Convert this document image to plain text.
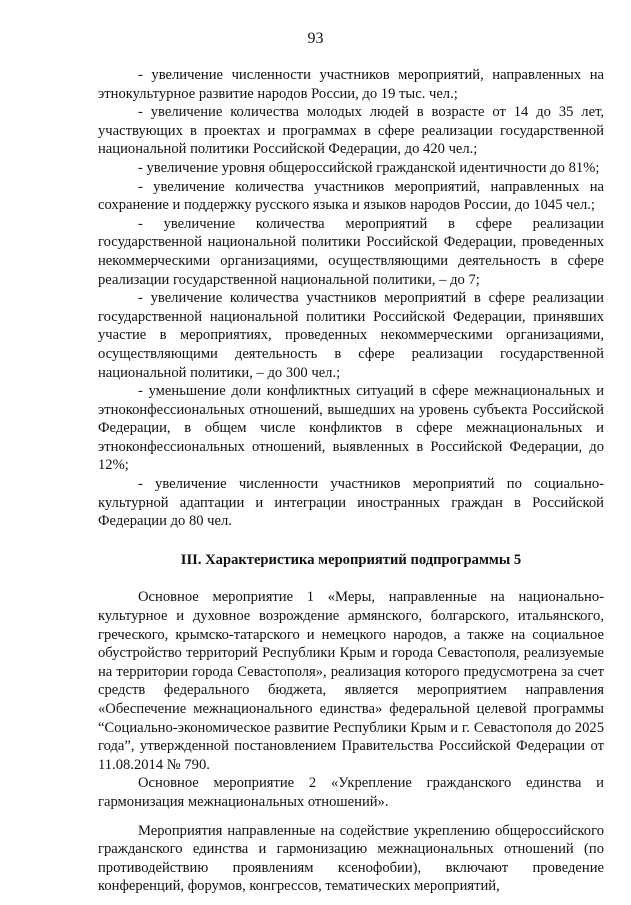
93

- увеличение численности участников мероприятий, направленных на этнокультурное развитие народов России, до 19 тыс. чел.;

- увеличение количества молодых людей в возрасте от 14 до 35 лет, участвующих в проектах и программах в сфере реализации государственной национальной политики Российской Федерации, до 420 чел.;

- увеличение уровня общероссийской гражданской идентичности до 81%;

- увеличение количества участников мероприятий, направленных на сохранение и поддержку русского языка и языков народов России, до 1045 чел.;

- увеличение количества мероприятий в сфере реализации государственной национальной политики Российской Федерации, проведенных некоммерческими организациями, осуществляющими деятельность в сфере реализации государственной национальной политики, – до 7;

- увеличение количества участников мероприятий в сфере реализации государственной национальной политики Российской Федерации, принявших участие в мероприятиях, проведенных некоммерческими организациями, осуществляющими деятельность в сфере реализации государственной национальной политики, – до 300 чел.;

- уменьшение доли конфликтных ситуаций в сфере межнациональных и этноконфессиональных отношений, вышедших на уровень субъекта Российской Федерации, в общем числе конфликтов в сфере межнациональных и этноконфессиональных отношений, выявленных в Российской Федерации, до 12%;

- увеличение численности участников мероприятий по социально-культурной адаптации и интеграции иностранных граждан в Российской Федерации до 80 чел.

III. Характеристика мероприятий подпрограммы 5

Основное мероприятие 1 «Меры, направленные на национально-культурное и духовное возрождение армянского, болгарского, итальянского, греческого, крымско-татарского и немецкого народов, а также на социальное обустройство территорий Республики Крым и города Севастополя, реализуемые на территории города Севастополя», реализация которого предусмотрена за счет средств федерального бюджета, является мероприятием направления «Обеспечение межнационального единства» федеральной целевой программы “Социально-экономическое развитие Республики Крым и г. Севастополя до 2025 года”, утвержденной постановлением Правительства Российской Федерации от 11.08.2014 № 790.

Основное мероприятие 2 «Укрепление гражданского единства и гармонизация межнациональных отношений».

Мероприятия направленные на содействие укреплению общероссийского гражданского единства и гармонизацию межнациональных отношений (по противодействию проявлениям ксенофобии), включают проведение конференций, форумов, конгрессов, тематических мероприятий,
